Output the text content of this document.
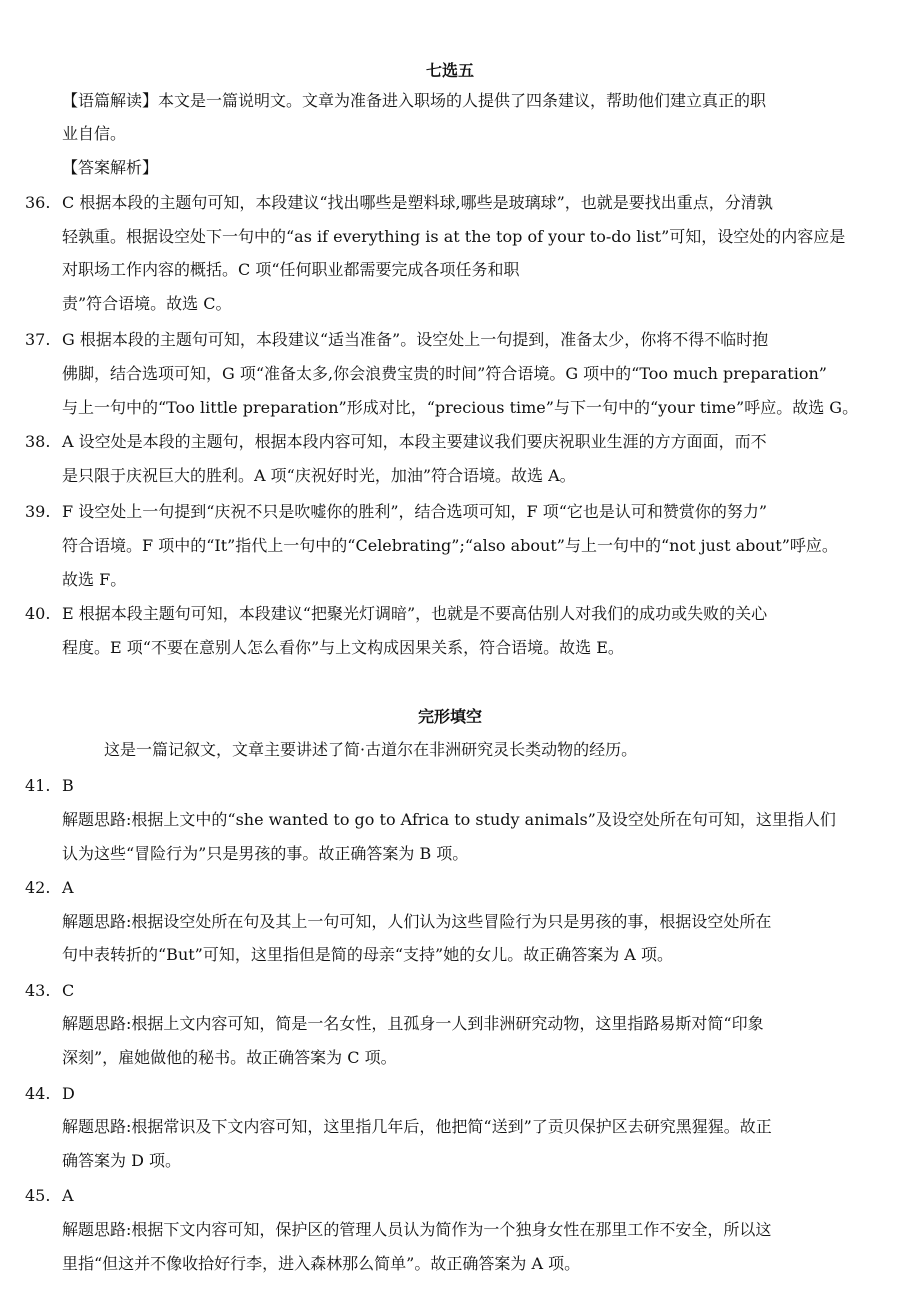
七选五
【语篇解读】本文是一篇说明文。文章为准备进入职场的人提供了四条建议，帮助他们建立真正的职
业自信。
【答案解析】
36. C 根据本段的主题句可知，本段建议“找出哪些是塑料球,哪些是玻璃球”，也就是要找出重点，分清孰
轻孰重。根据设空处下一句中的“as if everything is at the top of your to-do list”可知，设空处的内容应是
对职场工作内容的概括。C 项“任何职业都需要完成各项任务和职
责”符合语境。故选 C。
37. G 根据本段的主题句可知，本段建议“适当准备”。设空处上一句提到，准备太少，你将不得不临时抱
佛脚，结合选项可知，G 项“准备太多,你会浪费宝贵的时间”符合语境。G 项中的“Too much preparation”
与上一句中的“Too little preparation”形成对比，“precious time”与下一句中的“your time”呼应。故选 G。
38. A 设空处是本段的主题句，根据本段内容可知，本段主要建议我们要庆祝职业生涯的方方面面，而不
是只限于庆祝巨大的胜利。A 项“庆祝好时光，加油”符合语境。故选 A。
39. F 设空处上一句提到“庆祝不只是吹嘘你的胜利”，结合选项可知，F 项“它也是认可和赞赏你的努力”
符合语境。F 项中的“It”指代上一句中的“Celebrating”;“also about”与上一句中的“not just about”呼应。
故选 F。
40. E 根据本段主题句可知，本段建议“把聚光灯调暗”，也就是不要高估别人对我们的成功或失败的关心
程度。E 项“不要在意别人怎么看你”与上文构成因果关系，符合语境。故选 E。
完形填空
这是一篇记叙文，文章主要讲述了简·古道尔在非洲研究灵长类动物的经历。
41. B
解题思路:根据上文中的“she wanted to go to Africa to study animals”及设空处所在句可知，这里指人们
认为这些“冒险行为”只是男孩的事。故正确答案为 B 项。
42. A
解题思路:根据设空处所在句及其上一句可知，人们认为这些冒险行为只是男孩的事，根据设空处所在
句中表转折的“But”可知，这里指但是简的母亲“支持”她的女儿。故正确答案为 A 项。
43. C
解题思路:根据上文内容可知，简是一名女性，且孤身一人到非洲研究动物，这里指路易斯对简“印象
深刻”，雇她做他的秘书。故正确答案为 C 项。
44. D
解题思路:根据常识及下文内容可知，这里指几年后，他把简“送到”了贡贝保护区去研究黑猩猩。故正
确答案为 D 项。
45. A
解题思路:根据下文内容可知，保护区的管理人员认为简作为一个独身女性在那里工作不安全，所以这
里指“但这并不像收拾好行李，进入森林那么简单”。故正确答案为 A 项。
